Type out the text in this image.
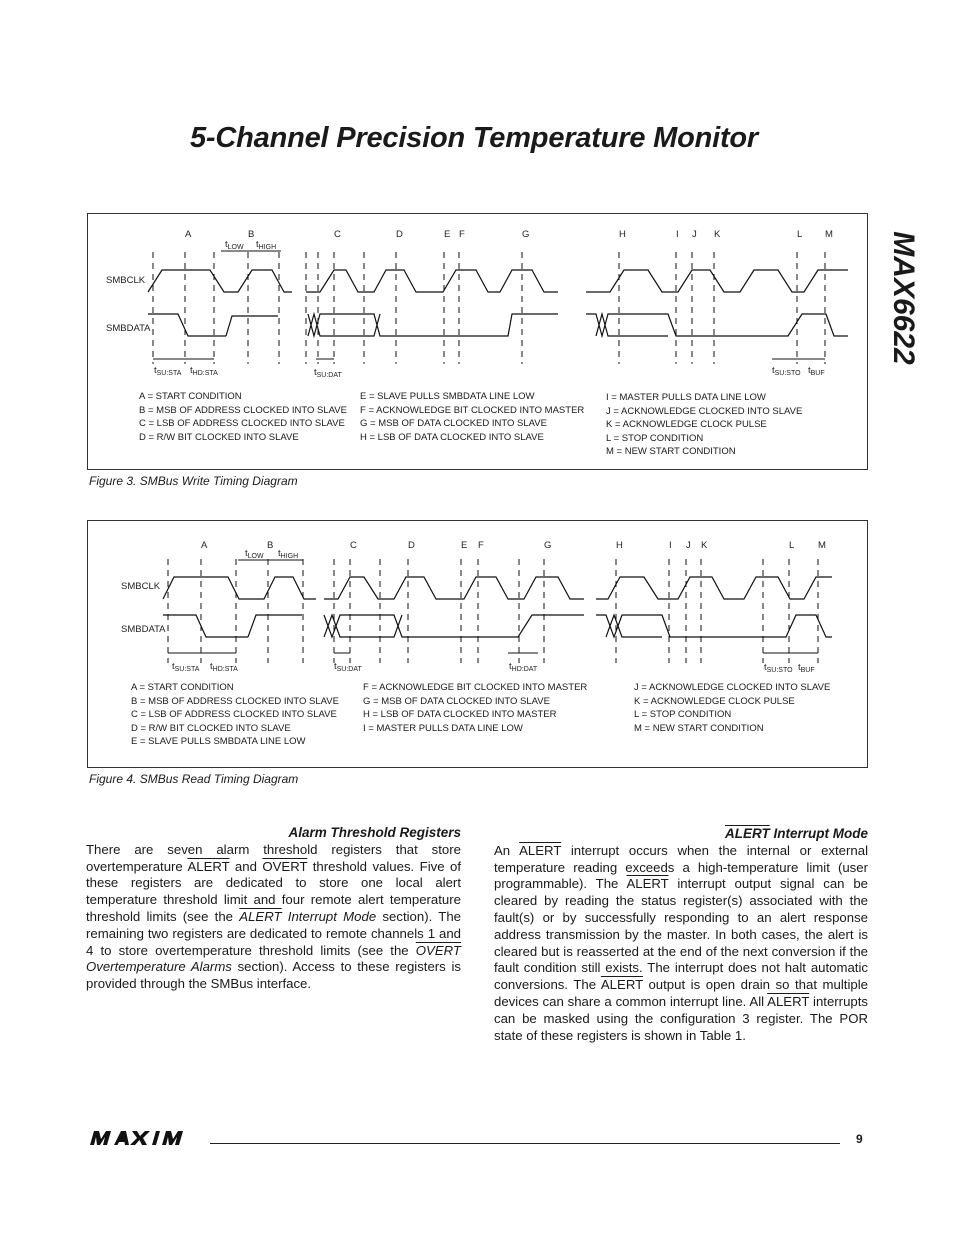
5-Channel Precision Temperature Monitor
MAX6622
A	B	C	D	E F	G	H	I J K	L M
SMBCLK
SMBDATA
$t_{LOW}$ $t_{HIGH}$
$t_{SU:STA}$ $t_{HD:STA}$	$t_{SU:DAT}$	$t_{SU:STO}$ $t_{BUF}$
A = START CONDITION
B = MSB OF ADDRESS CLOCKED INTO SLAVE
C = LSB OF ADDRESS CLOCKED INTO SLAVE
D = R/W BIT CLOCKED INTO SLAVE
E = SLAVE PULLS SMBDATA LINE LOW
F = ACKNOWLEDGE BIT CLOCKED INTO MASTER
G = MSB OF DATA CLOCKED INTO SLAVE
H = LSB OF DATA CLOCKED INTO SLAVE
I = MASTER PULLS DATA LINE LOW
J = ACKNOWLEDGE CLOCKED INTO SLAVE
K = ACKNOWLEDGE CLOCK PULSE
L = STOP CONDITION
M = NEW START CONDITION
Figure 3. SMBus Write Timing Diagram
A	B	C	D	E F	G	H	I J K	L M
SMBCLK
SMBDATA
$t_{LOW}$ $t_{HIGH}$
$t_{SU:STA}$ $t_{HD:STA}$	$t_{SU:DAT}$	$t_{HD:DAT}$	$t_{SU:STO}$ $t_{BUF}$
A = START CONDITION
B = MSB OF ADDRESS CLOCKED INTO SLAVE
C = LSB OF ADDRESS CLOCKED INTO SLAVE
D = R/W BIT CLOCKED INTO SLAVE
E = SLAVE PULLS SMBDATA LINE LOW
F = ACKNOWLEDGE BIT CLOCKED INTO MASTER
G = MSB OF DATA CLOCKED INTO SLAVE
H = LSB OF DATA CLOCKED INTO MASTER
I = MASTER PULLS DATA LINE LOW
J = ACKNOWLEDGE CLOCKED INTO SLAVE
K = ACKNOWLEDGE CLOCK PULSE
L = STOP CONDITION
M = NEW START CONDITION
Figure 4. SMBus Read Timing Diagram
Alarm Threshold Registers
There are seven alarm threshold registers that store overtemperature ALERT and OVERT threshold values. Five of these registers are dedicated to store one local alert temperature threshold limit and four remote alert temperature threshold limits (see the ALERT Interrupt Mode section). The remaining two registers are dedicated to remote channels 1 and 4 to store overtemperature threshold limits (see the OVERT Overtemperature Alarms section). Access to these registers is provided through the SMBus interface.
ALERT Interrupt Mode
An ALERT interrupt occurs when the internal or external temperature reading exceeds a high-temperature limit (user programmable). The ALERT interrupt output signal can be cleared by reading the status register(s) associated with the fault(s) or by successfully responding to an alert response address transmission by the master. In both cases, the alert is cleared but is reasserted at the end of the next conversion if the fault condition still exists. The interrupt does not halt automatic conversions. The ALERT output is open drain so that multiple devices can share a common interrupt line. All ALERT interrupts can be masked using the configuration 3 register. The POR state of these registers is shown in Table 1.
9
